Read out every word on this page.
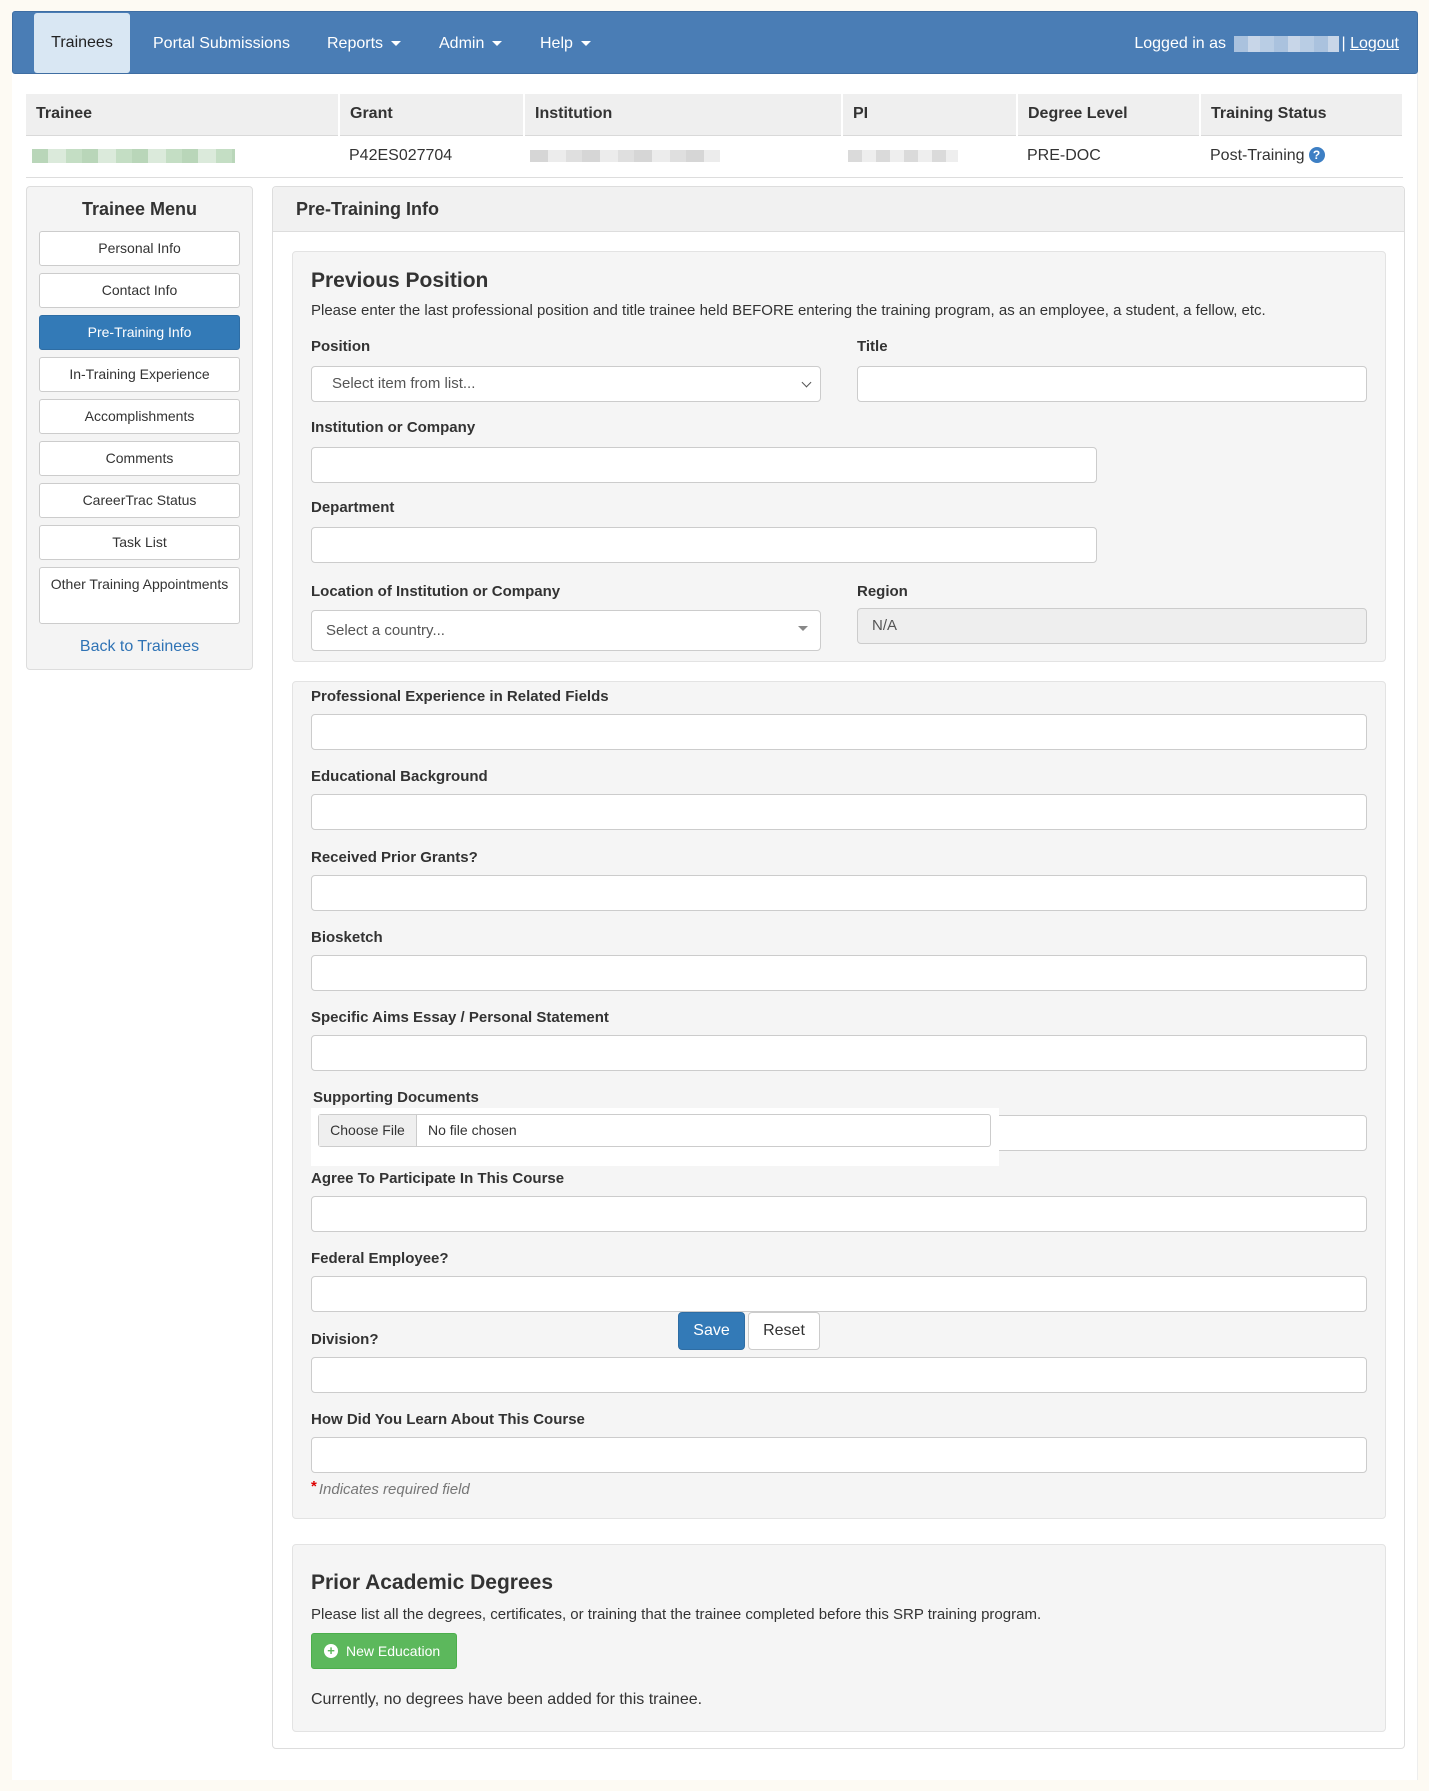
Trainees	Portal Submissions Reports	Admin	Help	Logged in as	| Logout
Trainee	Grant	Institution	PI	Degree Level	Training Status
	P42ES027704			PRE-DOC	Post-Training ?
Trainee Menu
Personal Info
Contact Info
Pre-Training Info
In-Training Experience
Accomplishments
Comments
CareerTrac Status
Task List
Other Training Appointments
Back to Trainees
Pre-Training Info
Previous Position
Please enter the last professional position and title trainee held BEFORE entering the training program, as an employee, a student, a fellow, etc.
Position
Select item from list...
Title
Institution or Company
Department
Location of Institution or Company
Select a country...
Region
N/A
Professional Experience in Related Fields
Educational Background
Received Prior Grants?
Biosketch
Specific Aims Essay / Personal Statement
Supporting Documents
Choose File	No file chosen
Agree To Participate In This Course
Federal Employee?
Division?
How Did You Learn About This Course
* Indicates required field
Prior Academic Degrees
Please list all the degrees, certificates, or training that the trainee completed before this SRP training program.
+ New Education
Currently, no degrees have been added for this trainee.
Save	Reset
